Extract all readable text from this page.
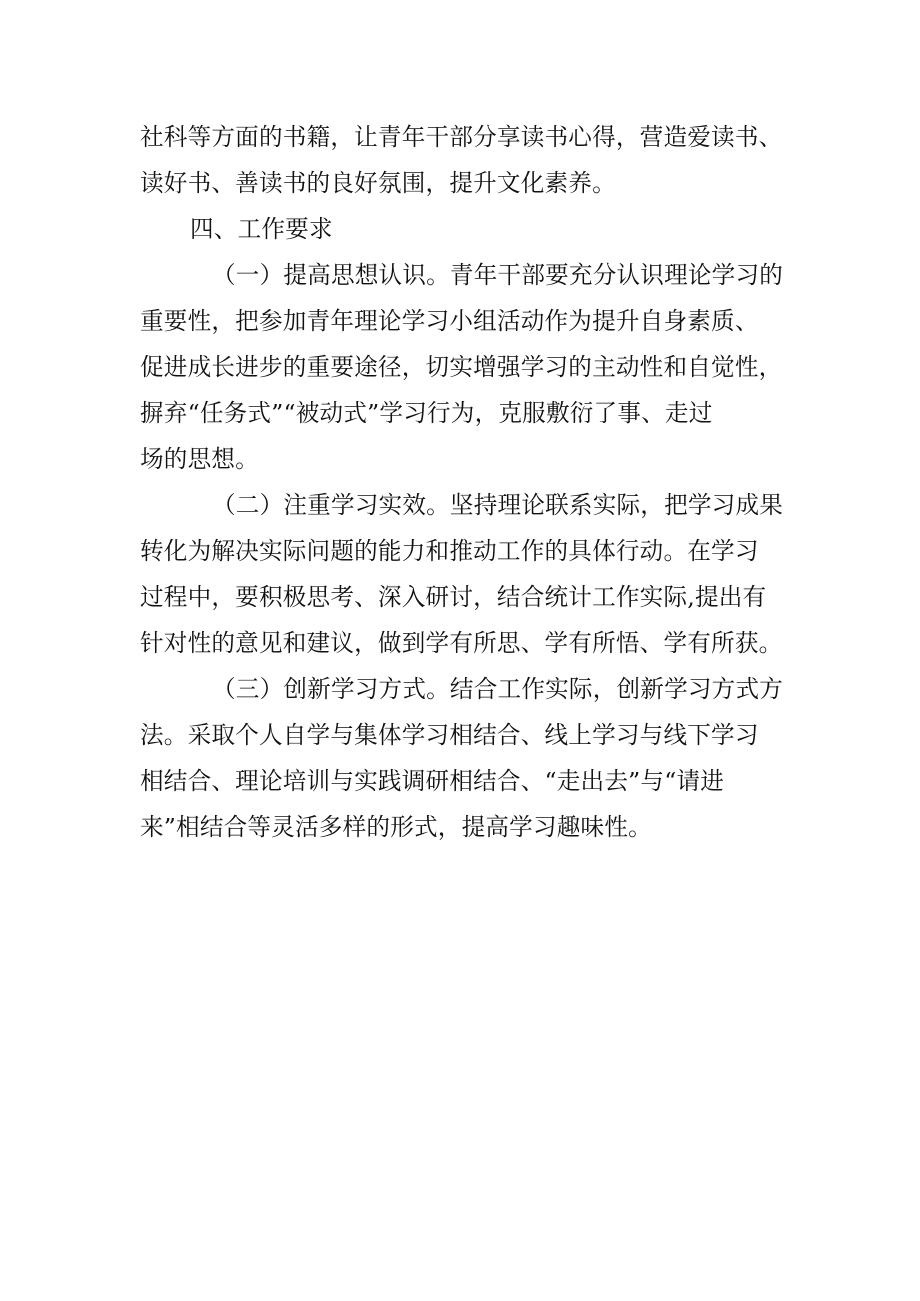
社科等方面的书籍，让青年干部分享读书心得，营造爱读书、
读好书、善读书的良好氛围，提升文化素养。
四、工作要求
（一）提高思想认识。青年干部要充分认识理论学习的
重要性，把参加青年理论学习小组活动作为提升自身素质、
促进成长进步的重要途径，切实增强学习的主动性和自觉性，
摒弃“任务式”“被动式”学习行为，克服敷衍了事、走过
场的思想。
（二）注重学习实效。坚持理论联系实际，把学习成果
转化为解决实际问题的能力和推动工作的具体行动。在学习
过程中，要积极思考、深入研讨，结合统计工作实际,提出有
针对性的意见和建议，做到学有所思、学有所悟、学有所获。
（三）创新学习方式。结合工作实际，创新学习方式方
法。采取个人自学与集体学习相结合、线上学习与线下学习
相结合、理论培训与实践调研相结合、“走出去”与“请进
来”相结合等灵活多样的形式，提高学习趣味性。
